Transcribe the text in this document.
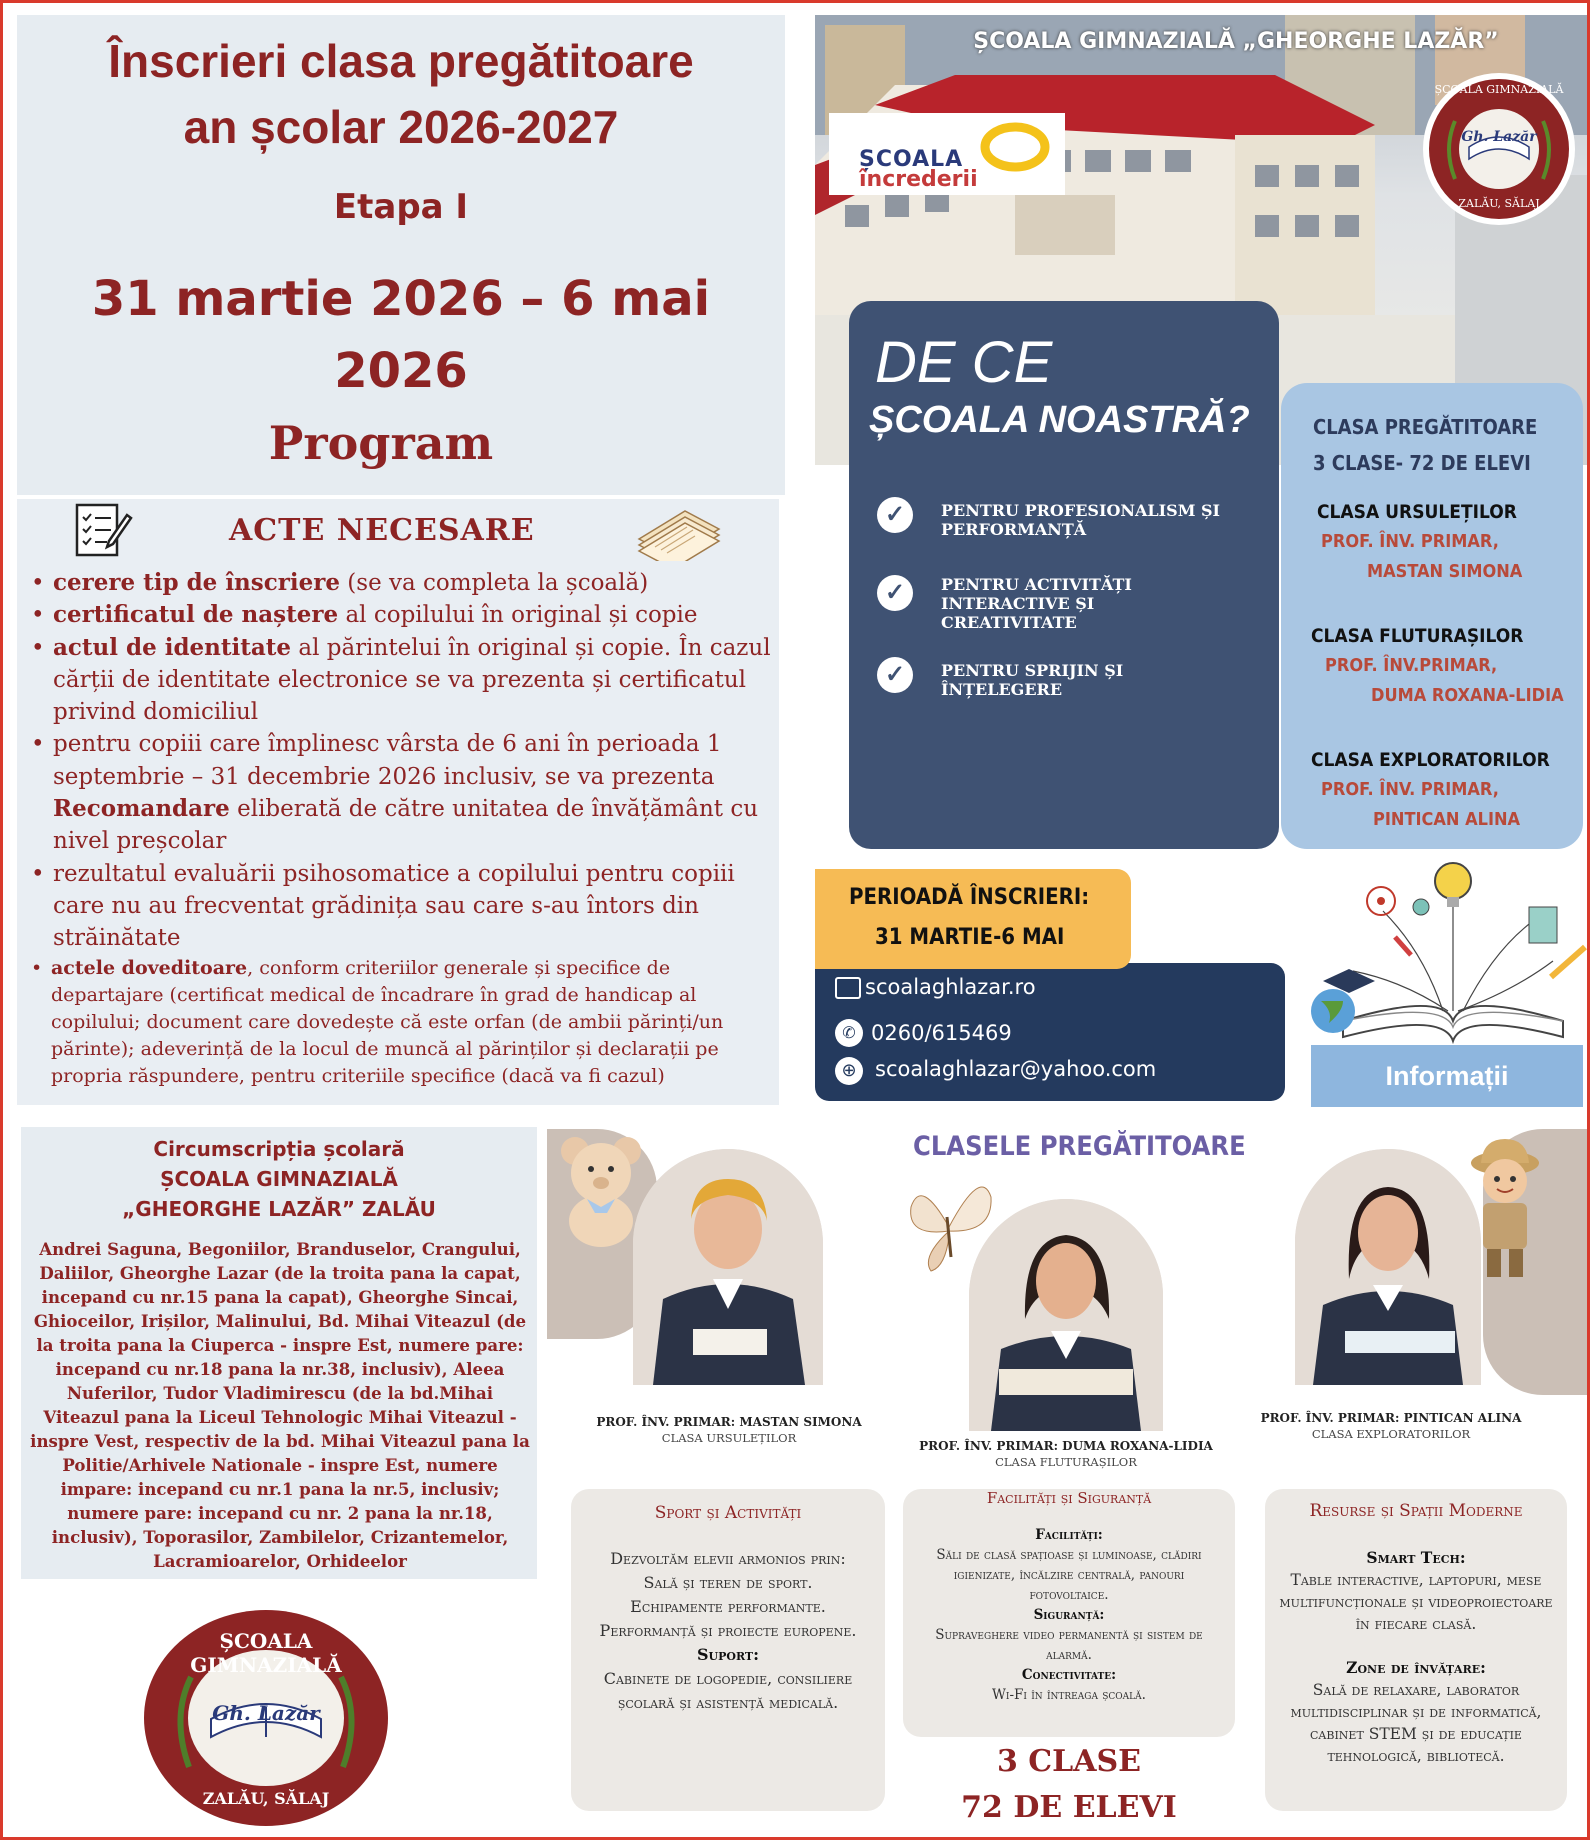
Înscrieri clasa pregătitoare
an școlar 2026-2027
Etapa I
31 martie 2026 – 6 mai
2026
Program
ACTE NECESARE
• cerere tip de înscriere (se va completa la școală)
• certificatul de naștere al copilului în original și copie
• actul de identitate al părintelui în original și copie. În cazul cărții de identitate electronice se va prezenta și certificatul privind domiciliul
• pentru copiii care împlinesc vârsta de 6 ani în perioada 1 septembrie – 31 decembrie 2026 inclusiv, se va prezenta Recomandare eliberată de către unitatea de învățământ cu nivel preșcolar
• rezultatul evaluării psihosomatice a copilului pentru copiii care nu au frecventat grădinița sau care s-au întors din străinătate
• actele doveditoare, conform criteriilor generale și specifice de departajare (certificat medical de încadrare în grad de handicap al copilului; document care dovedește că este orfan (de ambii părinți/un părinte); adeverință de la locul de muncă al părinților și declarații pe propria răspundere, pentru criteriile specifice (dacă va fi cazul)
ȘCOALA GIMNAZIALĂ „GHEORGHE LAZĂR”
ȘCOALA
încrederii
Gh. Lazăr
ȘCOALA GIMNAZIALĂ
ZALĂU, SĂLAJ
CLASA PREGĂTITOARE
3 CLASE- 72 DE ELEVI
CLASA URSULEȚILOR
PROF. ÎNV. PRIMAR,
MASTAN SIMONA
CLASA FLUTURAȘILOR
PROF. ÎNV.PRIMAR,
DUMA ROXANA-LIDIA
CLASA EXPLORATORILOR
PROF. ÎNV. PRIMAR,
PINTICAN ALINA
DE CE
ȘCOALA NOASTRĂ?
✓	PENTRU PROFESIONALISM ȘI
PERFORMANȚĂ
✓	PENTRU ACTIVITĂȚI
INTERACTIVE ȘI
CREATIVITATE
✓	PENTRU SPRIJIN ȘI
ÎNȚELEGERE
scoalaghlazar.ro
✆ 0260/615469
⊕ scoalaghlazar@yahoo.com
PERIOADĂ ÎNSCRIERI:
31 MARTIE-6 MAI
Informații
Circumscripția școlară
ȘCOALA GIMNAZIALĂ
„GHEORGHE LAZĂR” ZALĂU

Andrei Saguna, Begoniilor, Branduselor, Crangului, Daliilor, Gheorghe Lazar (de la troita pana la capat, incepand cu nr.15 pana la capat), Gheorghe Sincai, Ghioceilor, Irișilor, Malinului, Bd. Mihai Viteazul (de la troita pana la Ciuperca - inspre Est, numere pare: incepand cu nr.18 pana la nr.38, inclusiv), Aleea Nuferilor, Tudor Vladimirescu (de la bd.Mihai Viteazul pana la Liceul Tehnologic Mihai Viteazul - inspre Vest, respectiv de la bd. Mihai Viteazul pana la Politie/Arhivele Nationale - inspre Est, numere impare: incepand cu nr.1 pana la nr.5, inclusiv; numere pare: incepand cu nr. 2 pana la nr.18, inclusiv), Toporasilor, Zambilelor, Crizantemelor, Lacramioarelor, Orhideelor

ȘCOALA GIMNAZIALĂ
Gh. Lazăr
ZALĂU, SĂLAJ
CLASELE PREGĂTITOARE
PROF. ÎNV. PRIMAR: MASTAN SIMONA
CLASA URSULEȚILOR
PROF. ÎNV. PRIMAR: DUMA ROXANA-LIDIA
CLASA FLUTURAȘILOR
PROF. ÎNV. PRIMAR: PINTICAN ALINA
CLASA EXPLORATORILOR
Sport și Activități
Dezvoltăm elevii armonios prin:
Sală și teren de sport.
Echipamente performante.
Performanță și proiecte europene.
Suport:
Cabinete de logopedie, consiliere școlară și asistență medicală.
Facilități și Siguranță
Facilități:
Săli de clasă spațioase și luminoase, clădiri igienizate, încălzire centrală, panouri fotovoltaice.
Siguranță:
Supraveghere video permanentă și sistem de alarmă.
Conectivitate:
Wi-Fi în întreaga școală.
3 CLASE
72 DE ELEVI
Resurse și Spații Moderne
Smart Tech:
Table interactive, laptopuri, mese multifuncționale și videoproiectoare în fiecare clasă.
Zone de învățare:
Sală de relaxare, laborator multidisciplinar și de informatică, cabinet STEM și de educație tehnologică, bibliotecă.
